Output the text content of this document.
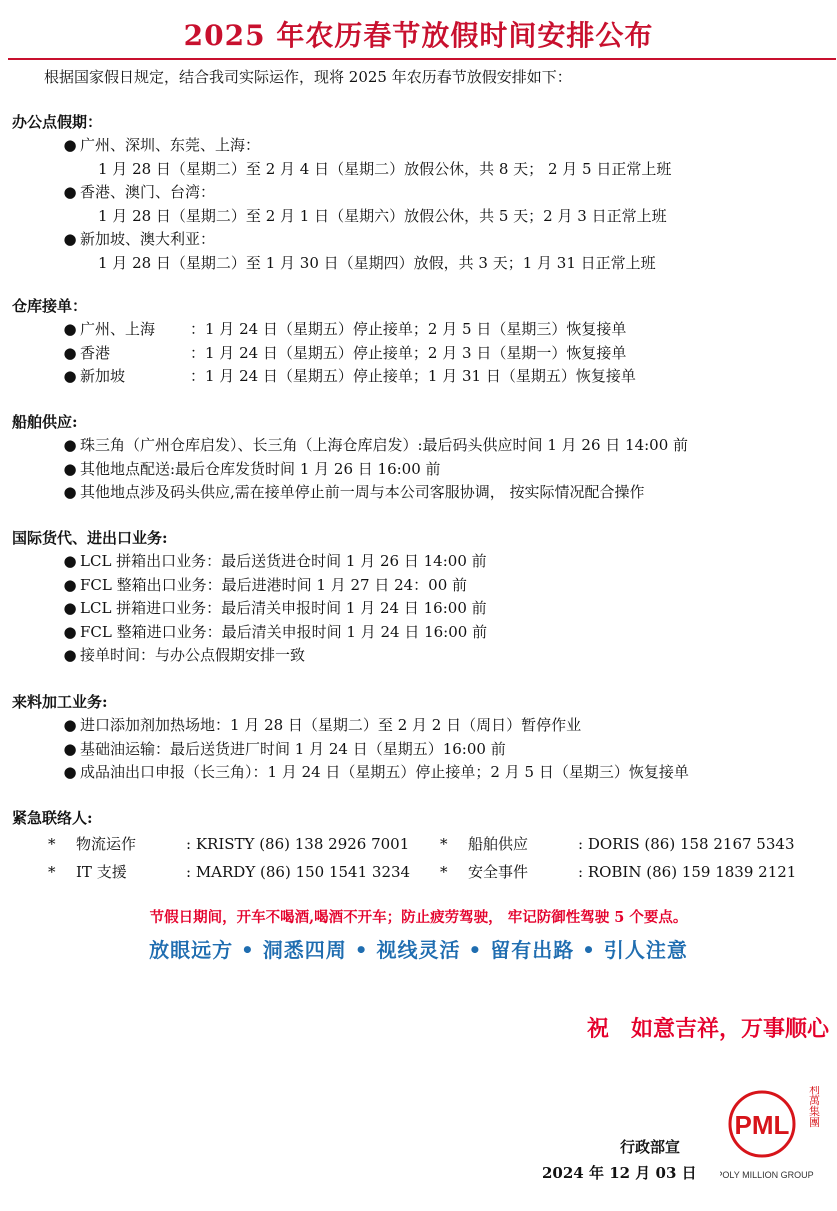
2025 年农历春节放假时间安排公布
根据国家假日规定，结合我司实际运作，现将 2025 年农历春节放假安排如下：
办公点假期：
● 广州、深圳、东莞、上海：
1 月 28 日（星期二）至 2 月 4 日（星期二）放假公休，共 8 天； 2 月 5 日正常上班
● 香港、澳门、台湾：
1 月 28 日（星期二）至 2 月 1 日（星期六）放假公休，共 5 天；2 月 3 日正常上班
● 新加坡、澳大利亚：
1 月 28 日（星期二）至 1 月 30 日（星期四）放假，共 3 天；1 月 31 日正常上班
仓库接单：
● 广州、上海	：1 月 24 日（星期五）停止接单；2 月 5 日（星期三）恢复接单
● 香港	：1 月 24 日（星期五）停止接单；2 月 3 日（星期一）恢复接单
● 新加坡	：1 月 24 日（星期五）停止接单；1 月 31 日（星期五）恢复接单
船舶供应:
● 珠三角（广州仓库启发）、长三角（上海仓库启发）:最后码头供应时间 1 月 26 日 14:00 前
● 其他地点配送:最后仓库发货时间 1 月 26 日 16:00 前
● 其他地点涉及码头供应,需在接单停止前一周与本公司客服协调， 按实际情况配合操作
国际货代、进出口业务:
● LCL 拼箱出口业务：最后送货进仓时间 1 月 26 日 14:00 前
● FCL 整箱出口业务：最后进港时间 1 月 27 日 24：00 前
● LCL 拼箱进口业务：最后清关申报时间 1 月 24 日 16:00 前
● FCL 整箱进口业务：最后清关申报时间 1 月 24 日 16:00 前
● 接单时间：与办公点假期安排一致
来料加工业务:
● 进口添加剂加热场地：1 月 28 日（星期二）至 2 月 2 日（周日）暂停作业
● 基础油运输：最后送货进厂时间 1 月 24 日（星期五）16:00 前
● 成品油出口申报（长三角）：1 月 24 日（星期五）停止接单；2 月 5 日（星期三）恢复接单
紧急联络人:
*	物流运作	: KRISTY (86) 138 2926 7001 *	船舶供应	: DORIS (86) 158 2167 5343
*	IT 支援	: MARDY (86) 150 1541 3234 *	安全事件	: ROBIN (86) 159 1839 2121
节假日期间，开车不喝酒,喝酒不开车；防止疲劳驾驶， 牢记防御性驾驶 5 个要点。
放眼远方 • 洞悉四周 • 视线灵活 • 留有出路 • 引人注意
祝　如意吉祥，万事顺心
PML 寶利萬集團
POLY MILLION GROUP
行政部宣
2024 年 12 月 03 日
